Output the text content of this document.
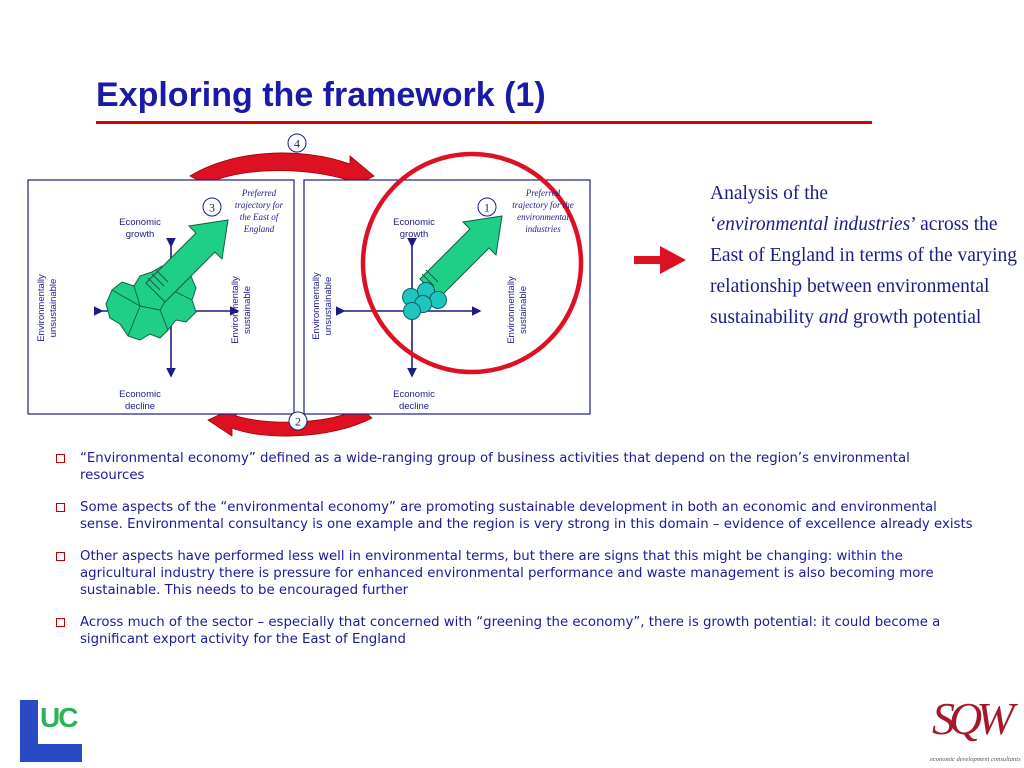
Exploring the framework (1)
4
3	1
2
Economic
growth
Economic
decline
Environmentally unsustainable	Environmentally sustainable
Preferred
trajectory for
the East of
England
Economic
growth
Economic
decline
Environmentally unsustainable	Environmentally sustainable
Preferred
trajectory for the
environmental
industries
Analysis of the
‘environmental industries’ across the East of England in terms of the varying relationship between environmental sustainability and growth potential
“Environmental economy” defined as a wide-ranging group of business activities that depend on the region’s environmental resources
Some aspects of the “environmental economy” are promoting sustainable development in both an economic and environmental sense. Environmental consultancy is one example and the region is very strong in this domain – evidence of excellence already exists
Other aspects have performed less well in environmental terms, but there are signs that this might be changing: within the agricultural industry there is pressure for enhanced environmental performance and waste management is also becoming more sustainable. This needs to be encouraged further
Across much of the sector – especially that concerned with “greening the economy”, there is growth potential: it could become a significant export activity for the East of England
UC	SQW
economic development consultants
